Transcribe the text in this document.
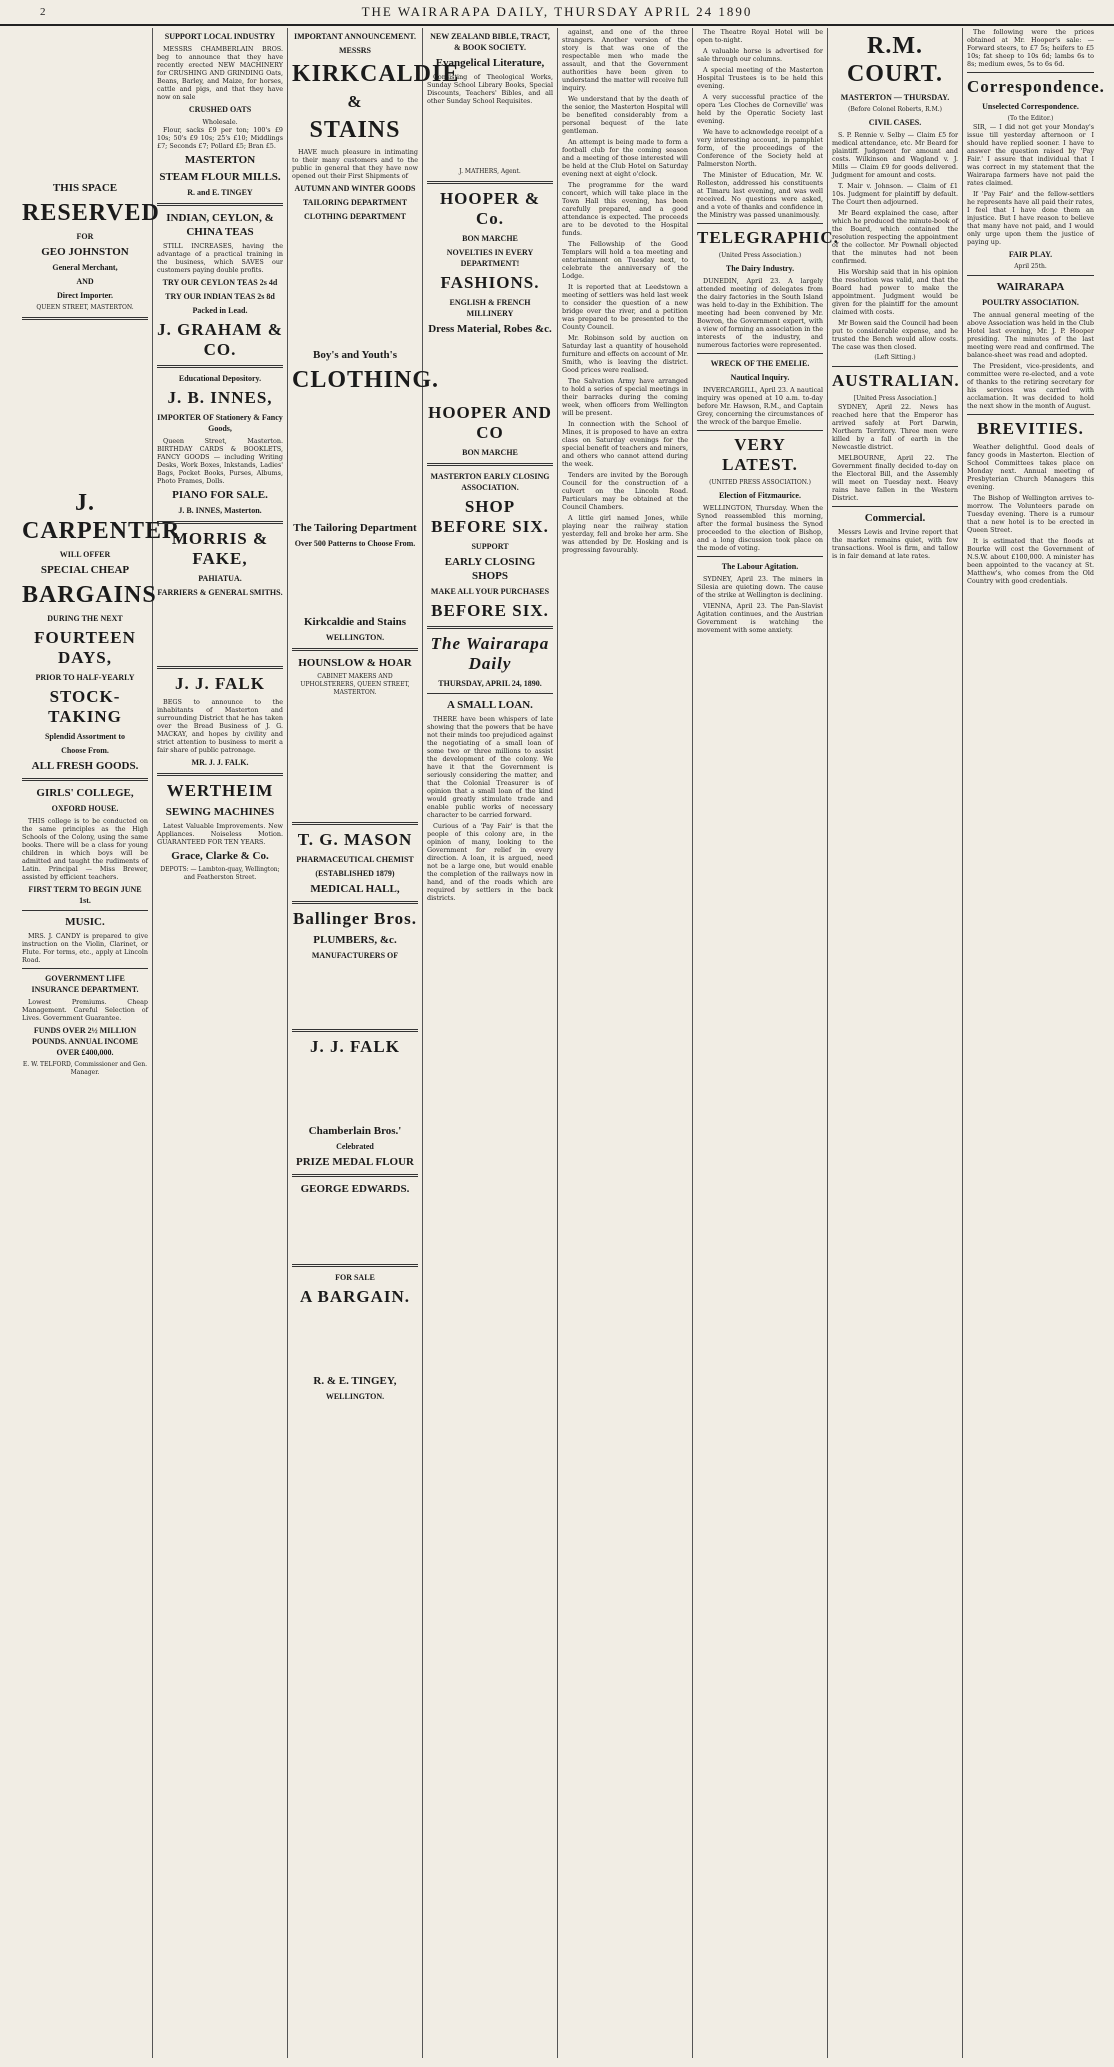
2	THE WAIRARAPA DAILY, THURSDAY APRIL 24 1890
THIS SPACE
RESERVED
FOR
GEO JOHNSTON
General Merchant,
AND
Direct Importer.
QUEEN STREET, MASTERTON.
J. CARPENTER
WILL OFFER
SPECIAL CHEAP
BARGAINS
DURING THE NEXT
FOURTEEN DAYS,
PRIOR TO HALF-YEARLY
STOCK-TAKING
Splendid Assortment to
Choose From.
ALL FRESH GOODS.
GIRLS' COLLEGE,
OXFORD HOUSE.

THIS college is to be conducted on the same principles as the High Schools of the Colony, using the same books. There will be a class for young children in which boys will be admitted and taught the rudiments of Latin. Principal — Miss Brewer, assisted by efficient teachers.

FIRST TERM TO BEGIN JUNE 1st.
MUSIC.

MRS. J. CANDY is prepared to give instruction on the Violin, Clarinet, or Flute. For terms, etc., apply at Lincoln Road.

GOVERNMENT LIFE INSURANCE DEPARTMENT.

Lowest Premiums. Cheap Management. Careful Selection of Lives. Government Guarantee.

FUNDS OVER 2½ MILLION POUNDS. ANNUAL INCOME OVER £400,000.
E. W. TELFORD, Commissioner and Gen. Manager.
SUPPORT LOCAL INDUSTRY

MESSRS CHAMBERLAIN BROS. beg to announce that they have recently erected NEW MACHINERY for CRUSHING AND GRINDING Oats, Beans, Barley, and Maize, for horses, cattle and pigs, and that they have now on sale

CRUSHED OATS
Wholesale.

Flour, sacks £9 per ton; 100's £9 10s; 50's £9 10s; 25's £10; Middlings £7; Seconds £7; Pollard £5; Bran £5.

MASTERTON
STEAM FLOUR MILLS.
R. and E. TINGEY
INDIAN, CEYLON, & CHINA TEAS

STILL INCREASES, having the advantage of a practical training in the business, which SAVES our customers paying double profits.

TRY OUR CEYLON TEAS 2s 4d
TRY OUR INDIAN TEAS 2s 8d
Packed in Lead.
J. GRAHAM & CO.
Educational Depository.
J. B. INNES,
IMPORTER OF Stationery & Fancy Goods,

Queen Street, Masterton. BIRTHDAY CARDS & BOOKLETS, FANCY GOODS — including Writing Desks, Work Boxes, Inkstands, Ladies' Bags, Pocket Books, Purses, Albums, Photo Frames, Dolls.

PIANO FOR SALE.
J. B. INNES, Masterton.
MORRIS & FAKE,
PAHIATUA.
FARRIERS & GENERAL SMITHS.
J. J. FALK

BEGS to announce to the inhabitants of Masterton and surrounding District that he has taken over the Bread Business of J. G. MACKAY, and hopes by civility and strict attention to business to merit a fair share of public patronage.

MR. J. J. FALK.
WERTHEIM
SEWING MACHINES

Latest Valuable Improvements. New Appliances. Noiseless Motion. GUARANTEED FOR TEN YEARS.

Grace, Clarke & Co.
DEPOTS: — Lambton-quay, Wellington; and Featherston Street.
IMPORTANT ANNOUNCEMENT.
MESSRS
KIRKCALDIE
&
STAINS

HAVE much pleasure in intimating to their many customers and to the public in general that they have now opened out their First Shipments of

AUTUMN AND WINTER GOODS
TAILORING DEPARTMENT
CLOTHING DEPARTMENT
Boy's and Youth's
CLOTHING.
The Tailoring Department
Over 500 Patterns to Choose From.
Kirkcaldie and Stains
WELLINGTON.
HOUNSLOW & HOAR
CABINET MAKERS AND UPHOLSTERERS, QUEEN STREET, MASTERTON.
T. G. MASON
PHARMACEUTICAL CHEMIST
(ESTABLISHED 1879)
MEDICAL HALL,
Ballinger Bros.
PLUMBERS, &c.
MANUFACTURERS OF
J. J. FALK
Chamberlain Bros.'
Celebrated
PRIZE MEDAL FLOUR
GEORGE EDWARDS.
FOR SALE
A BARGAIN.
R. & E. TINGEY,
WELLINGTON.
NEW ZEALAND BIBLE, TRACT, & BOOK SOCIETY.
Evangelical Literature,

Consisting of Theological Works, Sunday School Library Books, Special Discounts, Teachers' Bibles, and all other Sunday School Requisites.

J. MATHERS, Agent.
HOOPER & Co.
BON MARCHE
NOVELTIES IN EVERY DEPARTMENT!
FASHIONS.
ENGLISH & FRENCH MILLINERY
Dress Material, Robes &c.
HOOPER AND CO
BON MARCHE
MASTERTON EARLY CLOSING ASSOCIATION.
SHOP BEFORE SIX.
SUPPORT
EARLY CLOSING SHOPS
MAKE ALL YOUR PURCHASES
BEFORE SIX.
The Wairarapa Daily
THURSDAY, APRIL 24, 1890.
A SMALL LOAN.

THERE have been whispers of late showing that the powers that be have not their minds too prejudiced against the negotiating of a small loan of some two or three millions to assist the development of the colony. We have it that the Government is seriously considering the matter, and that the Colonial Treasurer is of opinion that a small loan of the kind would greatly stimulate trade and enable public works of necessary character to be carried forward.

Curious of a 'Pay Fair' is that the people of this colony are, in the opinion of many, looking to the Government for relief in every direction. A loan, it is argued, need not be a large one, but would enable the completion of the railways now in hand, and of the roads which are required by settlers in the back districts.

against, and one of the three strangers. Another version of the story is that was one of the respectable men who made the assault, and that the Government authorities have been given to understand the matter will receive full inquiry.

We understand that by the death of the senior, the Masterton Hospital will be benefited considerably from a personal bequest of the late gentleman.

An attempt is being made to form a football club for the coming season and a meeting of those interested will be held at the Club Hotel on Saturday evening next at eight o'clock.

The programme for the ward concert, which will take place in the Town Hall this evening, has been carefully prepared, and a good attendance is expected. The proceeds are to be devoted to the Hospital funds.

The Fellowship of the Good Templars will hold a tea meeting and entertainment on Tuesday next, to celebrate the anniversary of the Lodge.

It is reported that at Leedstown a meeting of settlers was held last week to consider the question of a new bridge over the river, and a petition was prepared to be presented to the County Council.

Mr. Robinson sold by auction on Saturday last a quantity of household furniture and effects on account of Mr. Smith, who is leaving the district. Good prices were realised.

The Salvation Army have arranged to hold a series of special meetings in their barracks during the coming week, when officers from Wellington will be present.

In connection with the School of Mines, it is proposed to have an extra class on Saturday evenings for the special benefit of teachers and miners, and others who cannot attend during the week.

Tenders are invited by the Borough Council for the construction of a culvert on the Lincoln Road. Particulars may be obtained at the Council Chambers.

A little girl named Jones, while playing near the railway station yesterday, fell and broke her arm. She was attended by Dr. Hosking and is progressing favourably.

The Theatre Royal Hotel will be open to-night.

A valuable horse is advertised for sale through our columns.

A special meeting of the Masterton Hospital Trustees is to be held this evening.

A very successful practice of the opera 'Les Cloches de Corneville' was held by the Operatic Society last evening.

We have to acknowledge receipt of a very interesting account, in pamphlet form, of the proceedings of the Conference of the Society held at Palmerston North.

The Minister of Education, Mr. W. Rolleston, addressed his constituents at Timaru last evening, and was well received. No questions were asked, and a vote of thanks and confidence in the Ministry was passed unanimously.

TELEGRAPHIC.
(United Press Association.)
The Dairy Industry.

DUNEDIN, April 23. A largely attended meeting of delegates from the dairy factories in the South Island was held to-day in the Exhibition. The meeting had been convened by Mr. Bowron, the Government expert, with a view of forming an association in the interests of the industry, and numerous factories were represented.

WRECK OF THE EMELIE.
Nautical Inquiry.

INVERCARGILL, April 23. A nautical inquiry was opened at 10 a.m. to-day before Mr. Hawson, R.M., and Captain Grey, concerning the circumstances of the wreck of the barque Emelie.

VERY LATEST.
(UNITED PRESS ASSOCIATION.)
Election of Fitzmaurice.

WELLINGTON, Thursday. When the Synod reassembled this morning, after the formal business the Synod proceeded to the election of Bishop, and a long discussion took place on the mode of voting.

The Labour Agitation.

SYDNEY, April 23. The miners in Silesia are quieting down. The cause of the strike at Wellington is declining.

VIENNA, April 23. The Pan-Slavist Agitation continues, and the Austrian Government is watching the movement with some anxiety.

R.M. COURT.
MASTERTON — THURSDAY.
(Before Colonel Roberts, R.M.)
CIVIL CASES.

S. P. Rennie v. Selby — Claim £5 for medical attendance, etc. Mr Beard for plaintiff. Judgment for amount and costs. Wilkinson and Wagland v. J. Mills — Claim £9 for goods delivered. Judgment for amount and costs.

T. Mair v. Johnson. — Claim of £1 10s. Judgment for plaintiff by default. The Court then adjourned.

Mr Beard explained the case, after which he produced the minute-book of the Board, which contained the resolution respecting the appointment of the collector. Mr Pownall objected that the minutes had not been confirmed.

His Worship said that in his opinion the resolution was valid, and that the Board had power to make the appointment. Judgment would be given for the plaintiff for the amount claimed with costs.

Mr Bowen said the Council had been put to considerable expense, and he trusted the Bench would allow costs. The case was then closed.

(Left Sitting.)
AUSTRALIAN.
[United Press Association.]

SYDNEY, April 22. News has reached here that the Emperor has arrived safely at Port Darwin, Northern Territory. Three men were killed by a fall of earth in the Newcastle district.

MELBOURNE, April 22. The Government finally decided to-day on the Electoral Bill, and the Assembly will meet on Tuesday next. Heavy rains have fallen in the Western District.

Commercial.

Messrs Lewis and Irvine report that the market remains quiet, with few transactions. Wool is firm, and tallow is in fair demand at late rates.

The following were the prices obtained at Mr. Hooper's sale: — Forward steers, to £7 5s; heifers to £5 10s; fat sheep to 10s 6d; lambs 6s to 8s; medium ewes, 5s to 6s 6d.

Correspondence.
Unselected Correspondence.
(To the Editor.)

SIR, — I did not get your Monday's issue till yesterday afternoon or I should have replied sooner. I have to answer the question raised by 'Pay Fair.' I assure that individual that I was correct in my statement that the Wairarapa farmers have not paid the rates claimed.

If 'Pay Fair' and the fellow-settlers he represents have all paid their rates, I feel that I have done them an injustice. But I have reason to believe that many have not paid, and I would only urge upon them the justice of paying up.

FAIR PLAY.
April 25th.
WAIRARAPA
POULTRY ASSOCIATION.

The annual general meeting of the above Association was held in the Club Hotel last evening, Mr. J. P. Hooper presiding. The minutes of the last meeting were read and confirmed. The balance-sheet was read and adopted.

The President, vice-presidents, and committee were re-elected, and a vote of thanks to the retiring secretary for his services was carried with acclamation. It was decided to hold the next show in the month of August.

BREVITIES.

Weather delightful. Good deals of fancy goods in Masterton. Election of School Committees takes place on Monday next. Annual meeting of Presbyterian Church Managers this evening.

The Bishop of Wellington arrives to-morrow. The Volunteers parade on Tuesday evening. There is a rumour that a new hotel is to be erected in Queen Street.

It is estimated that the floods at Bourke will cost the Government of N.S.W. about £100,000. A minister has been appointed to the vacancy at St. Matthew's, who comes from the Old Country with good credentials.
